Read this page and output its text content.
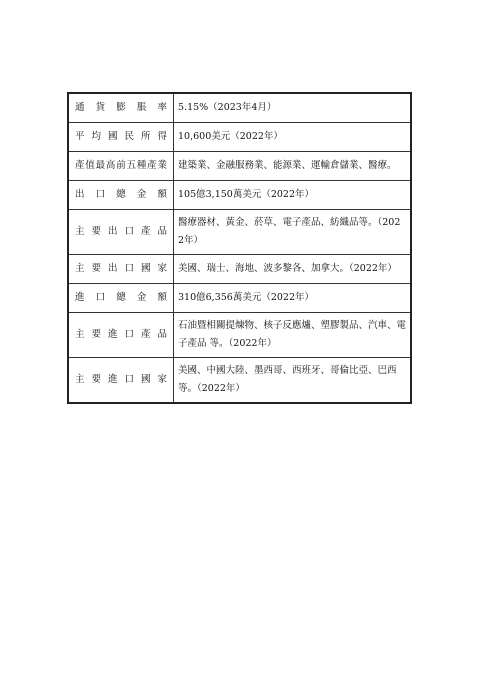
通貨膨脹率	5.15%（2023年4月）
平均國民所得	10,600美元（2022年）
產值最高前五種產業	建築業、金融服務業、能源業、運輸倉儲業、醫療。
出口總金額	105億3,150萬美元（2022年）
主要出口產品	醫療器材、黃金、菸草、電子產品、紡織品等。（2022年）
主要出口國家	美國、瑞士、海地、波多黎各、加拿大。（2022年）
進口總金額	310億6,356萬美元（2022年）
主要進口產品	石油暨相關提煉物、核子反應爐、塑膠製品、汽車、電子產品 等。（2022年）
主要進口國家	美國、中國大陸、墨西哥、西班牙、哥倫比亞、巴西等。（2022年）
